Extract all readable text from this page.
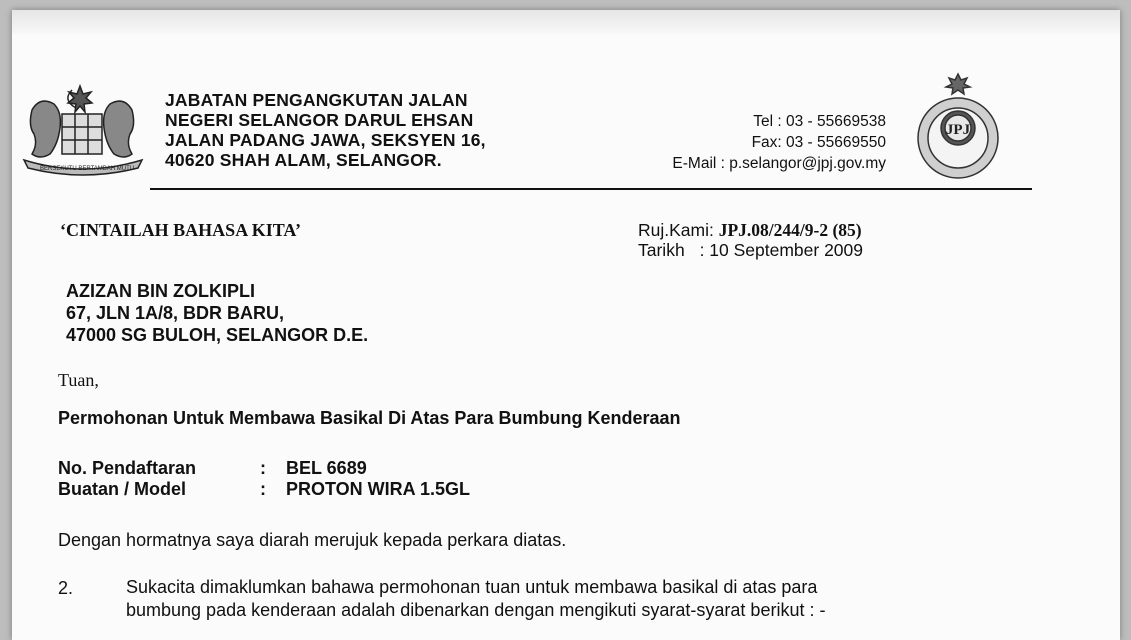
BERSEKUTU BERTAMBAH MUTU
JABATAN PENGANGKUTAN JALAN
NEGERI SELANGOR DARUL EHSAN
JALAN PADANG JAWA, SEKSYEN 16,
40620 SHAH ALAM, SELANGOR.
Tel : 03 - 55669538
Fax: 03 - 55669550
E-Mail : p.selangor@jpj.gov.my
JPJ
‘CINTAILAH BAHASA KITA’	Ruj.Kami: JPJ.08/244/9-2 (85)
Tarikh : 10 September 2009
AZIZAN BIN ZOLKIPLI
67, JLN 1A/8, BDR BARU,
47000 SG BULOH, SELANGOR D.E.
Tuan,
Permohonan Untuk Membawa Basikal Di Atas Para Bumbung Kenderaan
No. Pendaftaran	:	BEL 6689
Buatan / Model	:	PROTON WIRA 1.5GL
Dengan hormatnya saya diarah merujuk kepada perkara diatas.
2.	Sukacita dimaklumkan bahawa permohonan tuan untuk membawa basikal di atas para
bumbung pada kenderaan adalah dibenarkan dengan mengikuti syarat-syarat berikut : -
